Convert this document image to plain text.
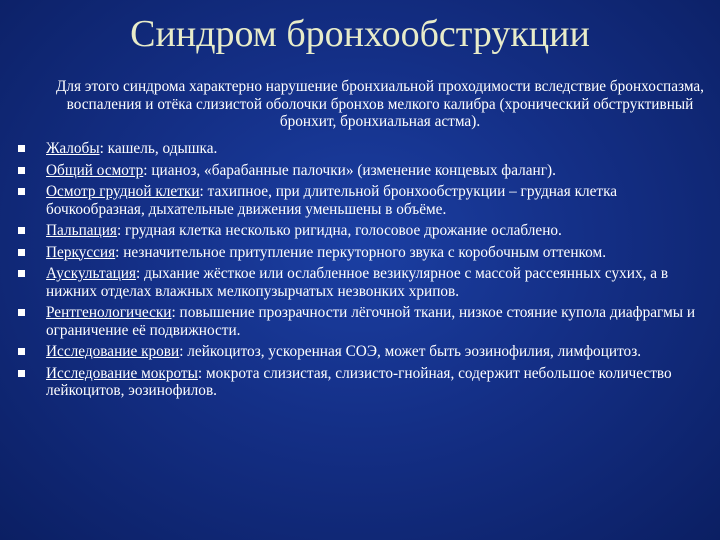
Синдром бронхообструкции
Для этого синдрома характерно нарушение бронхиальной проходимости вследствие бронхоспазма, воспаления и отёка слизистой оболочки бронхов мелкого калибра (хронический обструктивный бронхит, бронхиальная астма).
Жалобы: кашель, одышка.
Общий осмотр: цианоз, «барабанные палочки» (изменение концевых фаланг).
Осмотр грудной клетки: тахипное, при длительной бронхообструкции – грудная клетка бочкообразная, дыхательные движения уменьшены в объёме.
Пальпация: грудная клетка несколько ригидна, голосовое дрожание ослаблено.
Перкуссия: незначительное притупление перкуторного звука с коробочным оттенком.
Аускультация: дыхание жёсткое или ослабленное везикулярное с массой рассеянных сухих, а в нижних отделах влажных мелкопузырчатых незвонких хрипов.
Рентгенологически: повышение прозрачности лёгочной ткани, низкое стояние купола диафрагмы и ограничение её подвижности.
Исследование крови: лейкоцитоз, ускоренная СОЭ, может быть эозинофилия, лимфоцитоз.
Исследование мокроты: мокрота слизистая, слизисто-гнойная, содержит небольшое количество лейкоцитов, эозинофилов.
